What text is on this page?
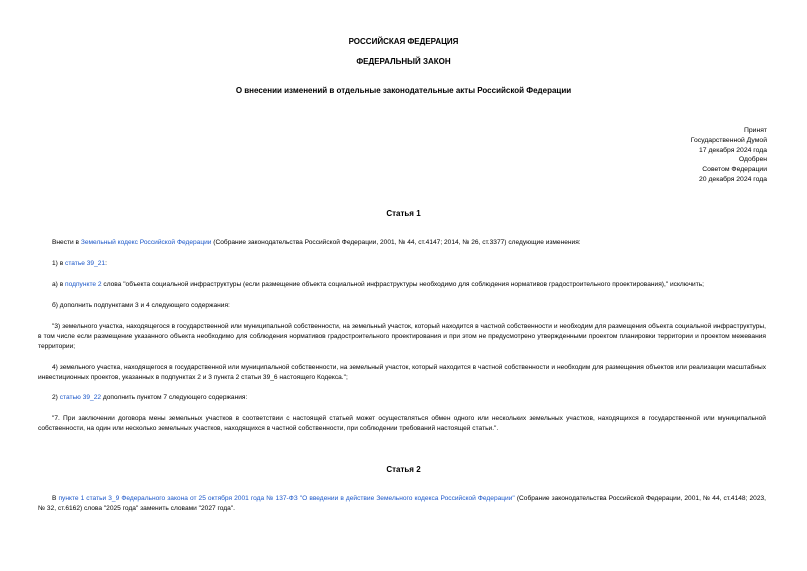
РОССИЙСКАЯ ФЕДЕРАЦИЯ
ФЕДЕРАЛЬНЫЙ ЗАКОН
О внесении изменений в отдельные законодательные акты Российской Федерации
Принят
Государственной Думой
17 декабря 2024 года
Одобрен
Советом Федерации
20 декабря 2024 года
Статья 1
Внести в Земельный кодекс Российской Федерации (Собрание законодательства Российской Федерации, 2001, № 44, ст.4147; 2014, № 26, ст.3377) следующие изменения:
1) в статье 39_21:
а) в подпункте 2 слова "объекта социальной инфраструктуры (если размещение объекта социальной инфраструктуры необходимо для соблюдения нормативов градостроительного проектирования)," исключить;
б) дополнить подпунктами 3 и 4 следующего содержания:
"3) земельного участка, находящегося в государственной или муниципальной собственности, на земельный участок, который находится в частной собственности и необходим для размещения объекта социальной инфраструктуры, в том числе если размещение указанного объекта необходимо для соблюдения нормативов градостроительного проектирования и при этом не предусмотрено утвержденными проектом планировки территории и проектом межевания территории;
4) земельного участка, находящегося в государственной или муниципальной собственности, на земельный участок, который находится в частной собственности и необходим для размещения объектов или реализации масштабных инвестиционных проектов, указанных в подпунктах 2 и 3 пункта 2 статьи 39_6 настоящего Кодекса.";
2) статью 39_22 дополнить пунктом 7 следующего содержания:
"7. При заключении договора мены земельных участков в соответствии с настоящей статьей может осуществляться обмен одного или нескольких земельных участков, находящихся в государственной или муниципальной собственности, на один или несколько земельных участков, находящихся в частной собственности, при соблюдении требований настоящей статьи.".
Статья 2
В пункте 1 статьи 3_9 Федерального закона от 25 октября 2001 года № 137-ФЗ "О введении в действие Земельного кодекса Российской Федерации" (Собрание законодательства Российской Федерации, 2001, № 44, ст.4148; 2023, № 32, ст.6162) слова "2025 года" заменить словами "2027 года".
